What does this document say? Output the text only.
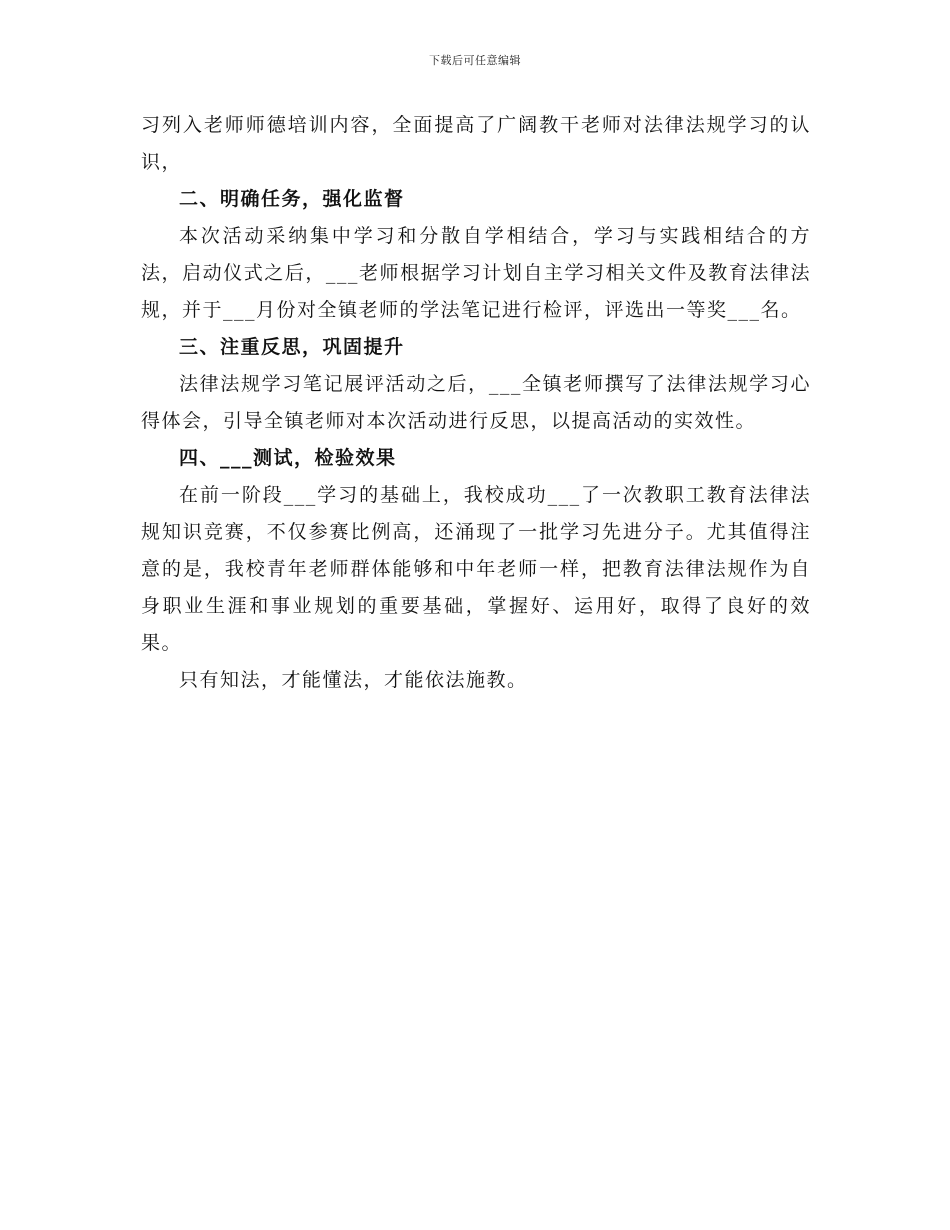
下载后可任意编辑

习列入老师师德培训内容，全面提高了广阔教干老师对法律法规学习的认识，

二、明确任务，强化监督

本次活动采纳集中学习和分散自学相结合，学习与实践相结合的方法，启动仪式之后，___老师根据学习计划自主学习相关文件及教育法律法规，并于___月份对全镇老师的学法笔记进行检评，评选出一等奖___名。

三、注重反思，巩固提升

法律法规学习笔记展评活动之后，___全镇老师撰写了法律法规学习心得体会，引导全镇老师对本次活动进行反思，以提高活动的实效性。

四、___测试，检验效果

在前一阶段___学习的基础上，我校成功___了一次教职工教育法律法规知识竞赛，不仅参赛比例高，还涌现了一批学习先进分子。尤其值得注意的是，我校青年老师群体能够和中年老师一样，把教育法律法规作为自身职业生涯和事业规划的重要基础，掌握好、运用好，取得了良好的效果。

只有知法，才能懂法，才能依法施教。
